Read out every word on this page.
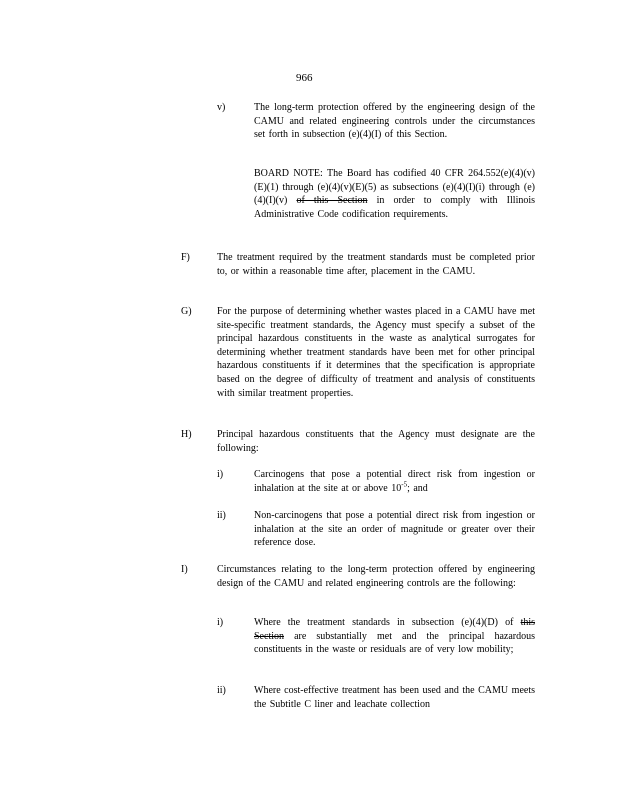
966
v)	The long-term protection offered by the engineering design of the CAMU and related engineering controls under the circumstances set forth in subsection (e)(4)(I) of this Section.
BOARD NOTE: The Board has codified 40 CFR 264.552(e)(4)(v)(E)(1) through (e)(4)(v)(E)(5) as subsections (e)(4)(I)(i) through (e)(4)(I)(v) of this Section in order to comply with Illinois Administrative Code codification requirements.
F)	The treatment required by the treatment standards must be completed prior to, or within a reasonable time after, placement in the CAMU.
G)	For the purpose of determining whether wastes placed in a CAMU have met site-specific treatment standards, the Agency must specify a subset of the principal hazardous constituents in the waste as analytical surrogates for determining whether treatment standards have been met for other principal hazardous constituents if it determines that the specification is appropriate based on the degree of difficulty of treatment and analysis of constituents with similar treatment properties.
H)	Principal hazardous constituents that the Agency must designate are the following:
i)	Carcinogens that pose a potential direct risk from ingestion or inhalation at the site at or above $10^{-5}$; and
ii)	Non-carcinogens that pose a potential direct risk from ingestion or inhalation at the site an order of magnitude or greater over their reference dose.
I)	Circumstances relating to the long-term protection offered by engineering design of the CAMU and related engineering controls are the following:
i)	Where the treatment standards in subsection (e)(4)(D) of this Section are substantially met and the principal hazardous constituents in the waste or residuals are of very low mobility;
ii)	Where cost-effective treatment has been used and the CAMU meets the Subtitle C liner and leachate collection
